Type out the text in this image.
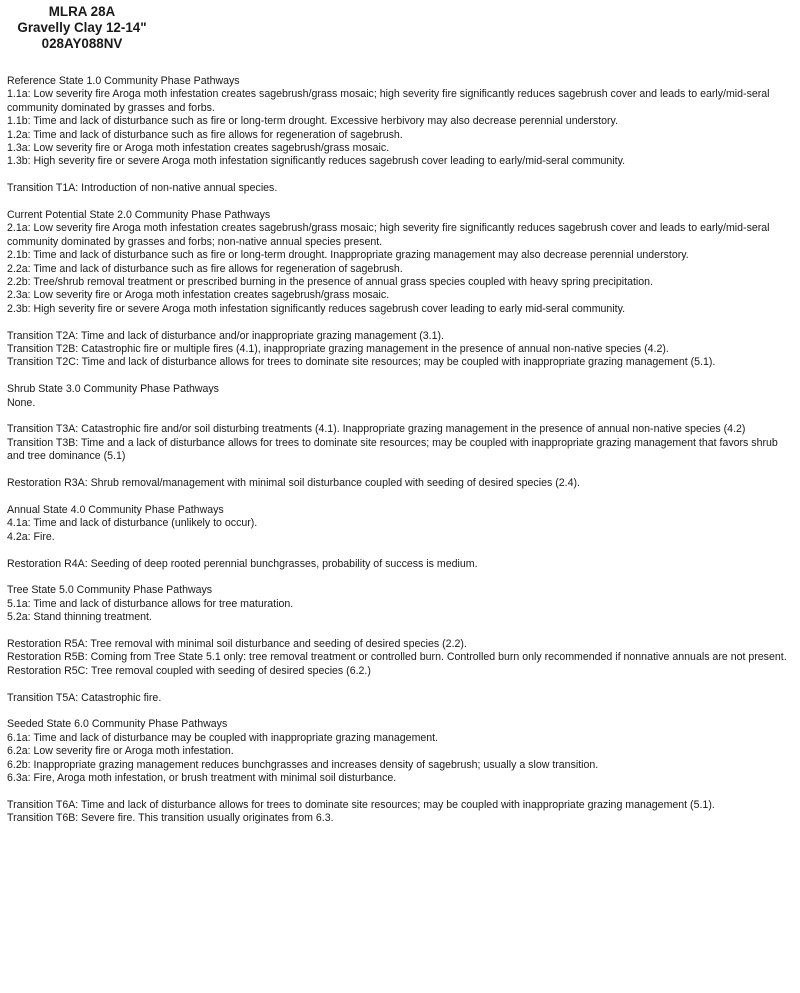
MLRA 28A
Gravelly Clay 12-14"
028AY088NV
Reference State 1.0 Community Phase Pathways
1.1a: Low severity fire Aroga moth infestation creates sagebrush/grass mosaic; high severity fire significantly reduces sagebrush cover and leads to early/mid-seral community dominated by grasses and forbs.
1.1b: Time and lack of disturbance such as fire or long-term drought. Excessive herbivory may also decrease perennial understory.
1.2a: Time and lack of disturbance such as fire allows for regeneration of sagebrush.
1.3a: Low severity fire or Aroga moth infestation creates sagebrush/grass mosaic.
1.3b: High severity fire or severe Aroga moth infestation significantly reduces sagebrush cover leading to early/mid-seral community.
Transition T1A: Introduction of non-native annual species.
Current Potential State 2.0 Community Phase Pathways
2.1a: Low severity fire Aroga moth infestation creates sagebrush/grass mosaic; high severity fire significantly reduces sagebrush cover and leads to early/mid-seral community dominated by grasses and forbs; non-native annual species present.
2.1b: Time and lack of disturbance such as fire or long-term drought. Inappropriate grazing management may also decrease perennial understory.
2.2a: Time and lack of disturbance such as fire allows for regeneration of sagebrush.
2.2b: Tree/shrub removal treatment or prescribed burning in the presence of annual grass species coupled with heavy spring precipitation.
2.3a: Low severity fire or Aroga moth infestation creates sagebrush/grass mosaic.
2.3b: High severity fire or severe Aroga moth infestation significantly reduces sagebrush cover leading to early mid-seral community.
Transition T2A: Time and lack of disturbance and/or inappropriate grazing management (3.1).
Transition T2B: Catastrophic fire or multiple fires (4.1), inappropriate grazing management in the presence of annual non-native species (4.2).
Transition T2C: Time and lack of disturbance allows for trees to dominate site resources; may be coupled with inappropriate grazing management (5.1).
Shrub State 3.0 Community Phase Pathways
None.
Transition T3A: Catastrophic fire and/or soil disturbing treatments (4.1). Inappropriate grazing management in the presence of annual non-native species (4.2)
Transition T3B: Time and a lack of disturbance allows for trees to dominate site resources; may be coupled with inappropriate grazing management that favors shrub and tree dominance (5.1)
Restoration R3A: Shrub removal/management with minimal soil disturbance coupled with seeding of desired species (2.4).
Annual State 4.0 Community Phase Pathways
4.1a: Time and lack of disturbance (unlikely to occur).
4.2a: Fire.
Restoration R4A: Seeding of deep rooted perennial bunchgrasses, probability of success is medium.
Tree State 5.0 Community Phase Pathways
5.1a: Time and lack of disturbance allows for tree maturation.
5.2a: Stand thinning treatment.
Restoration R5A: Tree removal with minimal soil disturbance and seeding of desired species (2.2).
Restoration R5B: Coming from Tree State 5.1 only: tree removal treatment or controlled burn. Controlled burn only recommended if nonnative annuals are not present.
Restoration R5C: Tree removal coupled with seeding of desired species (6.2.)
Transition T5A: Catastrophic fire.
Seeded State 6.0 Community Phase Pathways
6.1a: Time and lack of disturbance may be coupled with inappropriate grazing management.
6.2a: Low severity fire or Aroga moth infestation.
6.2b: Inappropriate grazing management reduces bunchgrasses and increases density of sagebrush; usually a slow transition.
6.3a: Fire, Aroga moth infestation, or brush treatment with minimal soil disturbance.
Transition T6A: Time and lack of disturbance allows for trees to dominate site resources; may be coupled with inappropriate grazing management (5.1).
Transition T6B: Severe fire. This transition usually originates from 6.3.
